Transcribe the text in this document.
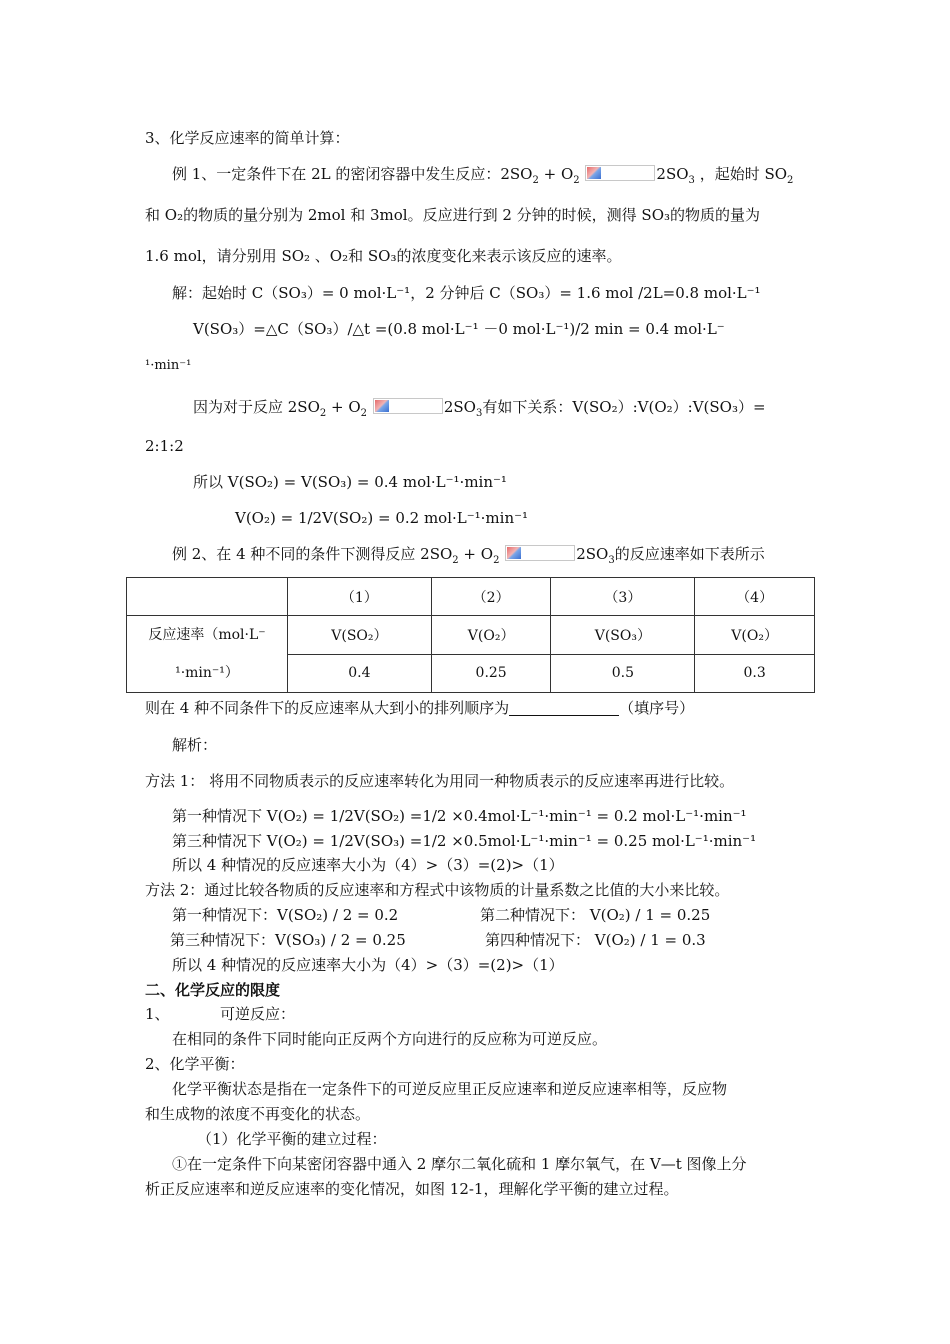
3、化学反应速率的简单计算：
例 1、一定条件下在 2L 的密闭容器中发生反应：$2SO_2 + O_2$	$2SO_3$ ，起始时 $SO_2$
和 O₂的物质的量分别为 2mol 和 3mol。反应进行到 2 分钟的时候，测得 SO₃的物质的量为
1.6 mol，请分别用 SO₂ 、O₂和 SO₃的浓度变化来表示该反应的速率。
解：起始时 C（SO₃）= 0 mol·L⁻¹，2 分钟后 C（SO₃）= 1.6 mol /2L=0.8 mol·L⁻¹
V(SO₃）=△C（SO₃）/△t =(0.8 mol·L⁻¹ －0 mol·L⁻¹)/2 min = 0.4 mol·L⁻
¹·min⁻¹
因为对于反应 $2SO_2 + O_2$	$2SO_3$有如下关系：V(SO₂）:V(O₂）:V(SO₃）=
2:1:2
所以 V(SO₂) = V(SO₃) = 0.4 mol·L⁻¹·min⁻¹
V(O₂) = 1/2V(SO₂) = 0.2 mol·L⁻¹·min⁻¹
例 2、在 4 种不同的条件下测得反应 $2SO_2 + O_2$	$2SO_3$的反应速率如下表所示
	（1）	（2）	（3）	（4）
反应速率（mol·L⁻
¹·min⁻¹）	V(SO₂）	V(O₂）	V(SO₃）	V(O₂）
	0.4	0.25	0.5	0.3
则在 4 种不同条件下的反应速率从大到小的排列顺序为	（填序号）
解析：
方法 1： 将用不同物质表示的反应速率转化为用同一种物质表示的反应速率再进行比较。
第一种情况下 V(O₂) = 1/2V(SO₂) =1/2 ×0.4mol·L⁻¹·min⁻¹ = 0.2 mol·L⁻¹·min⁻¹
第三种情况下 V(O₂) = 1/2V(SO₃) =1/2 ×0.5mol·L⁻¹·min⁻¹ = 0.25 mol·L⁻¹·min⁻¹
所以 4 种情况的反应速率大小为（4）>（3）=(2)>（1）
方法 2：通过比较各物质的反应速率和方程式中该物质的计量系数之比值的大小来比较。
第一种情况下：V(SO₂) / 2 = 0.2	第二种情况下： V(O₂) / 1 = 0.25
第三种情况下：V(SO₃) / 2 = 0.25	第四种情况下： V(O₂) / 1 = 0.3
所以 4 种情况的反应速率大小为（4）>（3）=(2)>（1）
二、化学反应的限度
1、	可逆反应：
在相同的条件下同时能向正反两个方向进行的反应称为可逆反应。
2、化学平衡：
化学平衡状态是指在一定条件下的可逆反应里正反应速率和逆反应速率相等，反应物
和生成物的浓度不再变化的状态。
（1）化学平衡的建立过程：
①在一定条件下向某密闭容器中通入 2 摩尔二氧化硫和 1 摩尔氧气，在 V—t 图像上分
析正反应速率和逆反应速率的变化情况，如图 12-1，理解化学平衡的建立过程。
